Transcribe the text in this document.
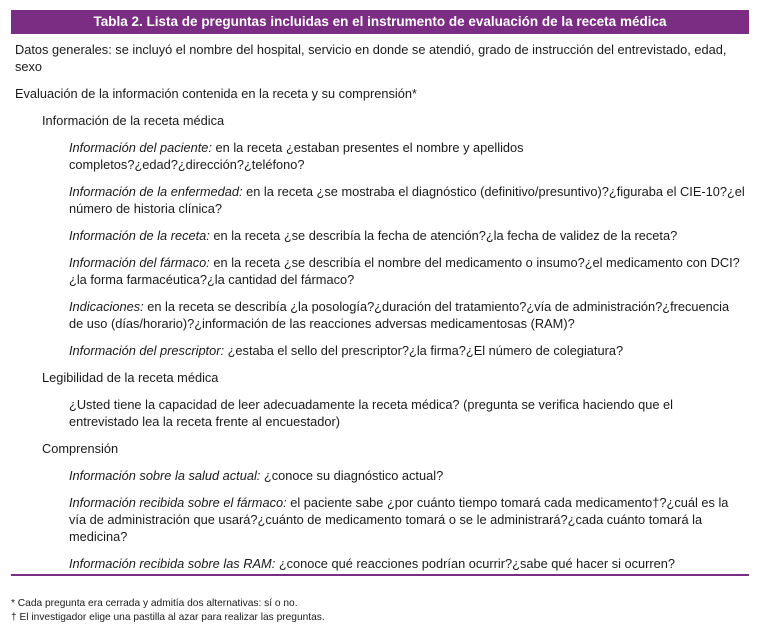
Tabla 2. Lista de preguntas incluidas en el instrumento de evaluación de la receta médica

Datos generales: se incluyó el nombre del hospital, servicio en donde se atendió, grado de instrucción del entrevistado, edad, sexo

Evaluación de la información contenida en la receta y su comprensión*

Información de la receta médica

Información del paciente: en la receta ¿estaban presentes el nombre y apellidos completos?¿edad?¿dirección?¿teléfono?

Información de la enfermedad: en la receta ¿se mostraba el diagnóstico (definitivo/presuntivo)?¿figuraba el CIE-10?¿el número de historia clínica?

Información de la receta: en la receta ¿se describía la fecha de atención?¿la fecha de validez de la receta?

Información del fármaco: en la receta ¿se describía el nombre del medicamento o insumo?¿el medicamento con DCI?¿la forma farmacéutica?¿la cantidad del fármaco?

Indicaciones: en la receta se describía ¿la posología?¿duración del tratamiento?¿vía de administración?¿frecuencia de uso (días/horario)?¿información de las reacciones adversas medicamentosas (RAM)?

Información del prescriptor: ¿estaba el sello del prescriptor?¿la firma?¿El número de colegiatura?

Legibilidad de la receta médica

¿Usted tiene la capacidad de leer adecuadamente la receta médica? (pregunta se verifica haciendo que el entrevistado lea la receta frente al encuestador)

Comprensión

Información sobre la salud actual: ¿conoce su diagnóstico actual?

Información recibida sobre el fármaco: el paciente sabe ¿por cuánto tiempo tomará cada medicamento†?¿cuál es la vía de administración que usará?¿cuánto de medicamento tomará o se le administrará?¿cada cuánto tomará la medicina?

Información recibida sobre las RAM: ¿conoce qué reacciones podrían ocurrir?¿sabe qué hacer si ocurren?

* Cada pregunta era cerrada y admitía dos alternativas: sí o no.
† El investigador elige una pastilla al azar para realizar las preguntas.
